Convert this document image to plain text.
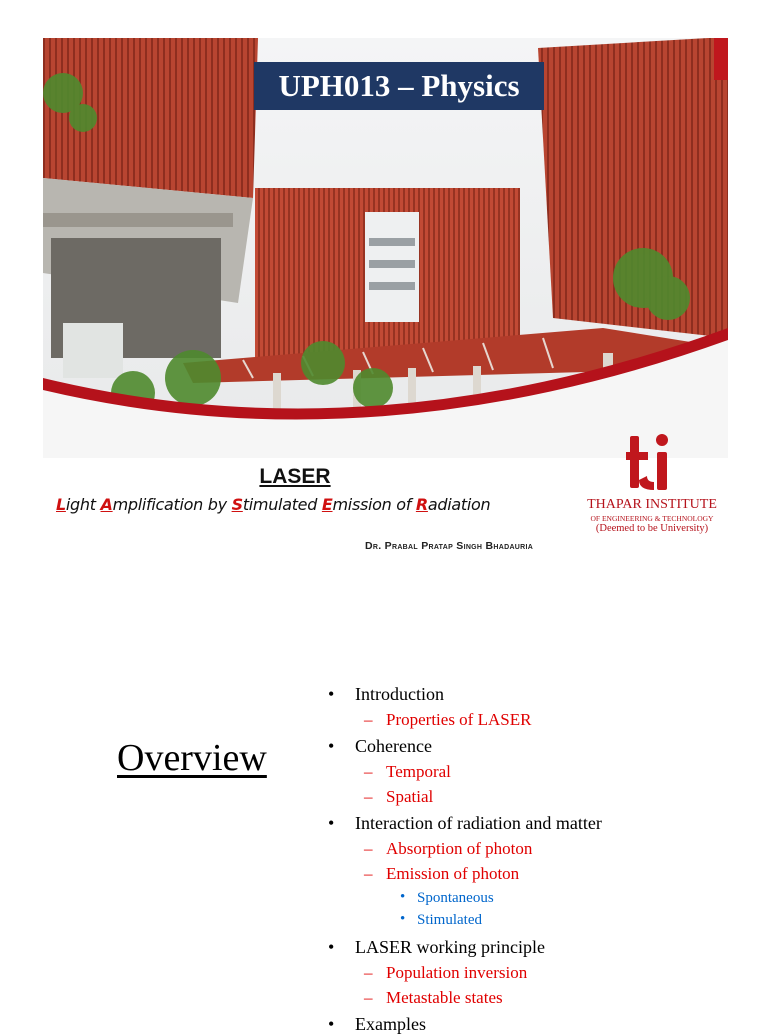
UPH013 – Physics
LASER
Light Amplification by Stimulated Emission of Radiation
Dr. Prabal Pratap Singh Bhadauria
THAPAR INSTITUTE
OF ENGINEERING & TECHNOLOGY
(Deemed to be University)
Overview
• Introduction
– Properties of LASER
• Coherence
– Temporal
– Spatial
• Interaction of radiation and matter
– Absorption of photon
– Emission of photon
• Spontaneous
• Stimulated
• LASER working principle
– Population inversion
– Metastable states
• Examples
